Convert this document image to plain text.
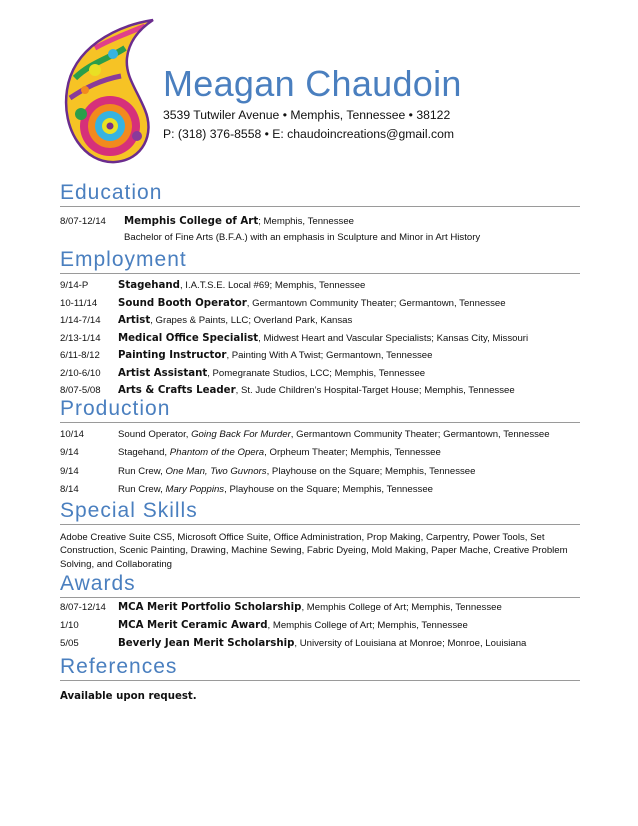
Meagan Chaudoin
3539 Tutwiler Avenue • Memphis, Tennessee • 38122
P: (318) 376-8558 • E: chaudoincreations@gmail.com
Education
8/07-12/14	Memphis College of Art; Memphis, Tennessee
Bachelor of Fine Arts (B.F.A.) with an emphasis in Sculpture and Minor in Art History
Employment
9/14-P	Stagehand, I.A.T.S.E. Local #69; Memphis, Tennessee
10-11/14	Sound Booth Operator, Germantown Community Theater; Germantown, Tennessee
1/14-7/14	Artist, Grapes & Paints, LLC; Overland Park, Kansas
2/13-1/14	Medical Office Specialist, Midwest Heart and Vascular Specialists; Kansas City, Missouri
6/11-8/12	Painting Instructor, Painting With A Twist; Germantown, Tennessee
2/10-6/10	Artist Assistant, Pomegranate Studios, LCC; Memphis, Tennessee
8/07-5/08	Arts & Crafts Leader, St. Jude Children’s Hospital-Target House; Memphis, Tennessee
Production
10/14	Sound Operator, Going Back For Murder, Germantown Community Theater; Germantown, Tennessee
9/14	Stagehand, Phantom of the Opera, Orpheum Theater; Memphis, Tennessee
9/14	Run Crew, One Man, Two Guvnors, Playhouse on the Square; Memphis, Tennessee
8/14	Run Crew, Mary Poppins, Playhouse on the Square; Memphis, Tennessee
Special Skills
Adobe Creative Suite CS5, Microsoft Office Suite, Office Administration, Prop Making, Carpentry, Power Tools, Set Construction, Scenic Painting, Drawing, Machine Sewing, Fabric Dyeing, Mold Making, Paper Mache, Creative Problem Solving, and Collaborating
Awards
8/07-12/14	MCA Merit Portfolio Scholarship, Memphis College of Art; Memphis, Tennessee
1/10	MCA Merit Ceramic Award, Memphis College of Art; Memphis, Tennessee
5/05	Beverly Jean Merit Scholarship, University of Louisiana at Monroe; Monroe, Louisiana
References
Available upon request.
